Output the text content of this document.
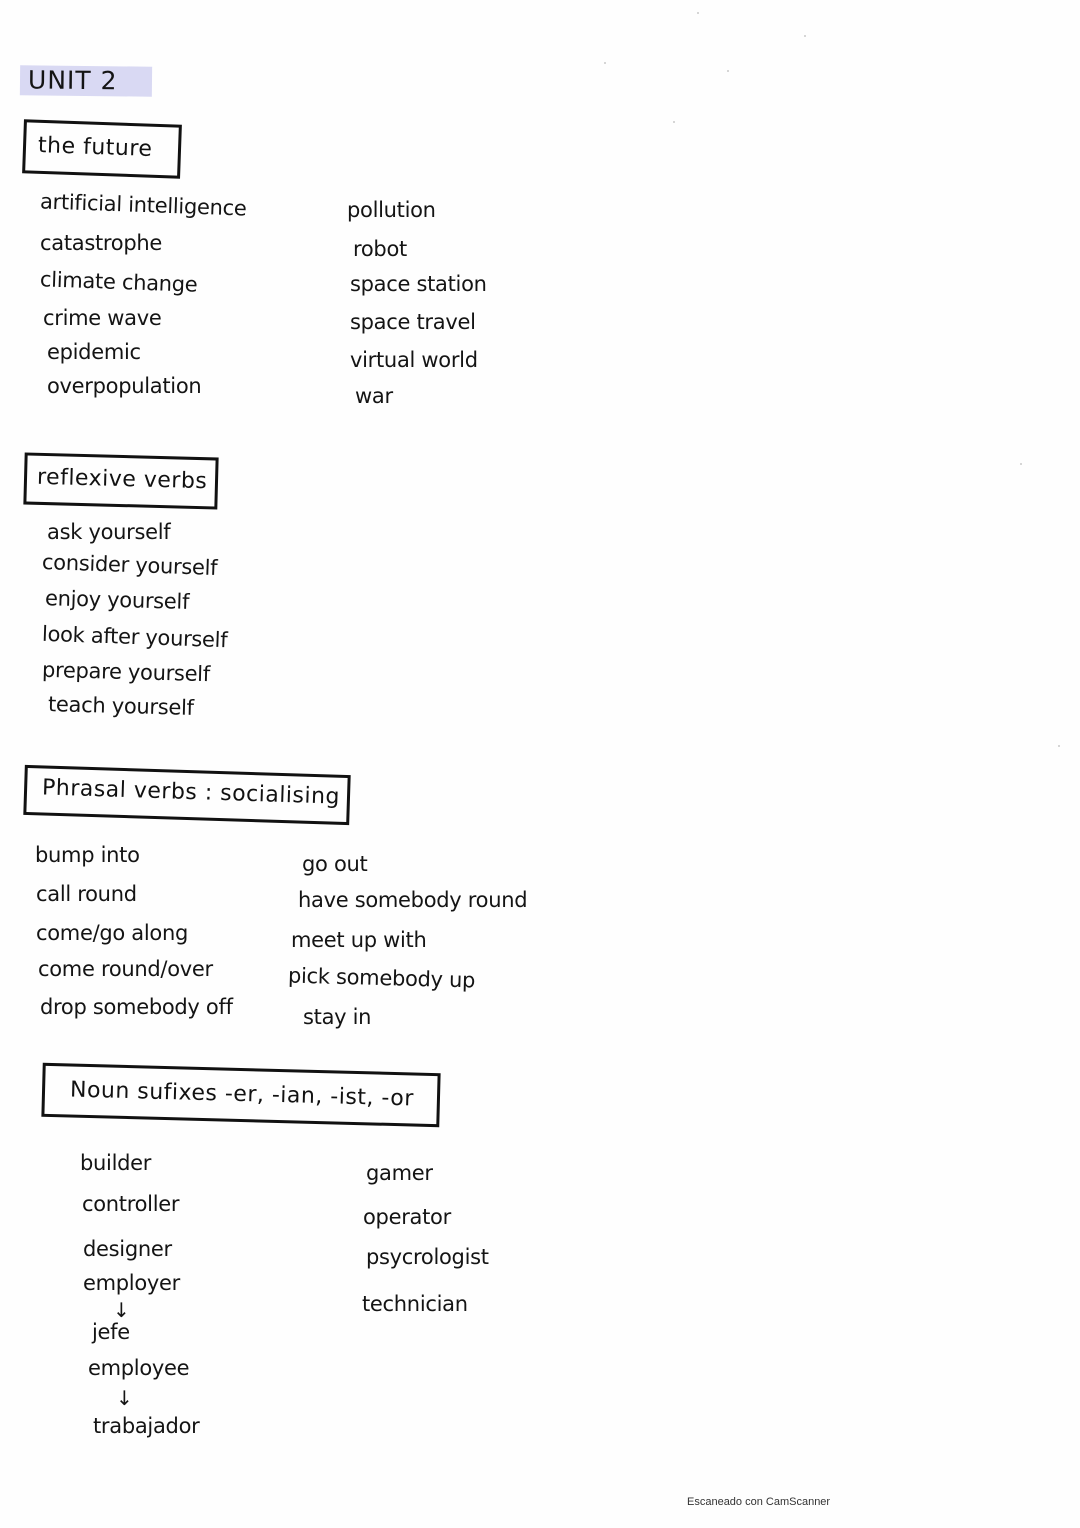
UNIT 2
the future
artificial intelligence
catastrophe
climate change
crime wave
epidemic
overpopulation
pollution
robot
space station
space travel
virtual world
war
reflexive verbs
ask yourself
consider yourself
enjoy yourself
look after yourself
prepare yourself
teach yourself
Phrasal verbs : socialising
bump into
call round
come/go along
come round/over
drop somebody off
go out
have somebody round
meet up with
pick somebody up
stay in
Noun sufixes -er, -ian, -ist, -or
builder
controller
designer
employer
↓
jefe
employee
↓
trabajador
gamer
operator
psycrologist
technician
Escaneado con CamScanner
